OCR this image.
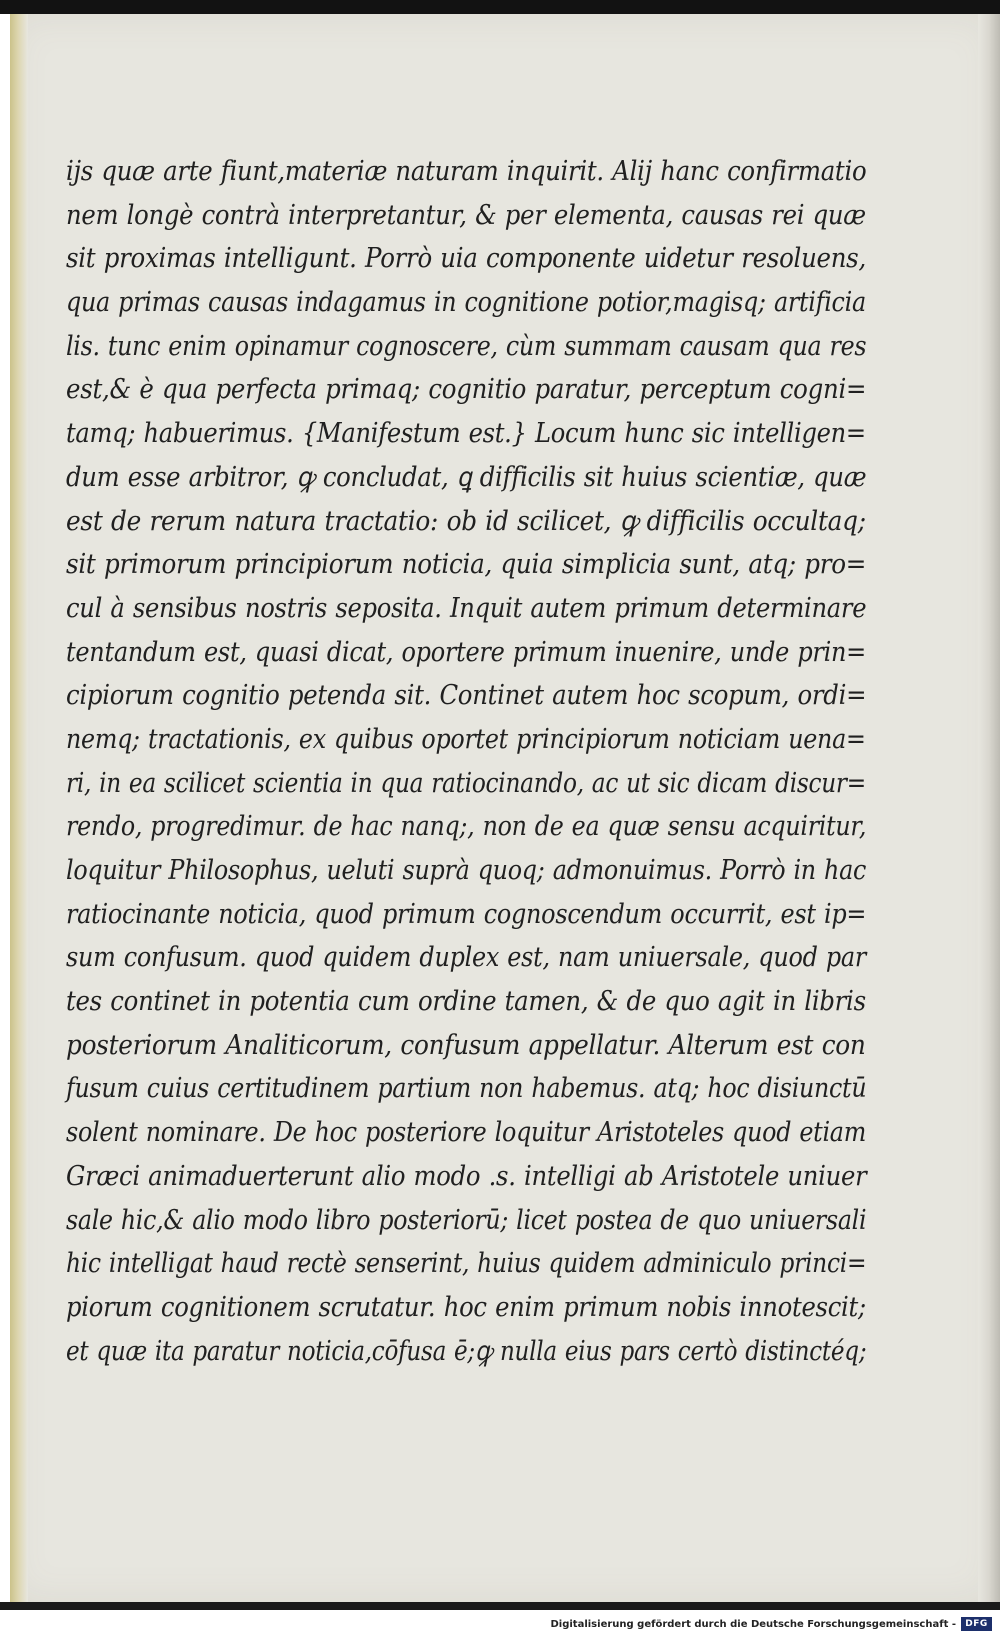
ijs quæ arte fiunt,materiæ naturam inquirit. Alij hanc confirmatio
nem longè contrà interpretantur, & per elementa, causas rei quæ
sit proximas intelligunt. Porrò uia componente uidetur resoluens,
qua primas causas indagamus in cognitione potior,magisq; artificia
lis. tunc enim opinamur cognoscere, cùm summam causam qua res
est,& è qua perfecta primaq; cognitio paratur, perceptum cogni=
tamq; habuerimus. {Manifestum est.} Locum hunc sic intelligen=
dum esse arbitror, ꝙ concludat, ꝗ difficilis sit huius scientiæ, quæ
est de rerum natura tractatio: ob id scilicet, ꝙ difficilis occultaq;
sit primorum principiorum noticia, quia simplicia sunt, atq; pro=
cul à sensibus nostris seposita. Inquit autem primum determinare
tentandum est, quasi dicat, oportere primum inuenire, unde prin=
cipiorum cognitio petenda sit. Continet autem hoc scopum, ordi=
nemq; tractationis, ex quibus oportet principiorum noticiam uena=
ri, in ea scilicet scientia in qua ratiocinando, ac ut sic dicam discur=
rendo, progredimur. de hac nanq;, non de ea quæ sensu acquiritur,
loquitur Philosophus, ueluti suprà quoq; admonuimus. Porrò in hac
ratiocinante noticia, quod primum cognoscendum occurrit, est ip=
sum confusum. quod quidem duplex est, nam uniuersale, quod par
tes continet in potentia cum ordine tamen, & de quo agit in libris
posteriorum Analiticorum, confusum appellatur. Alterum est con
fusum cuius certitudinem partium non habemus. atq; hoc disiunctū
solent nominare. De hoc posteriore loquitur Aristoteles quod etiam
Græci animaduerterunt alio modo .s. intelligi ab Aristotele uniuer
sale hic,& alio modo libro posteriorū; licet postea de quo uniuersali
hic intelligat haud rectè senserint, huius quidem adminiculo princi=
piorum cognitionem scrutatur. hoc enim primum nobis innotescit;
et quæ ita paratur noticia,cōfusa ē;ꝙ nulla eius pars certò distinctéq;
Digitalisierung gefördert durch die Deutsche Forschungsgemeinschaft -	DFG
